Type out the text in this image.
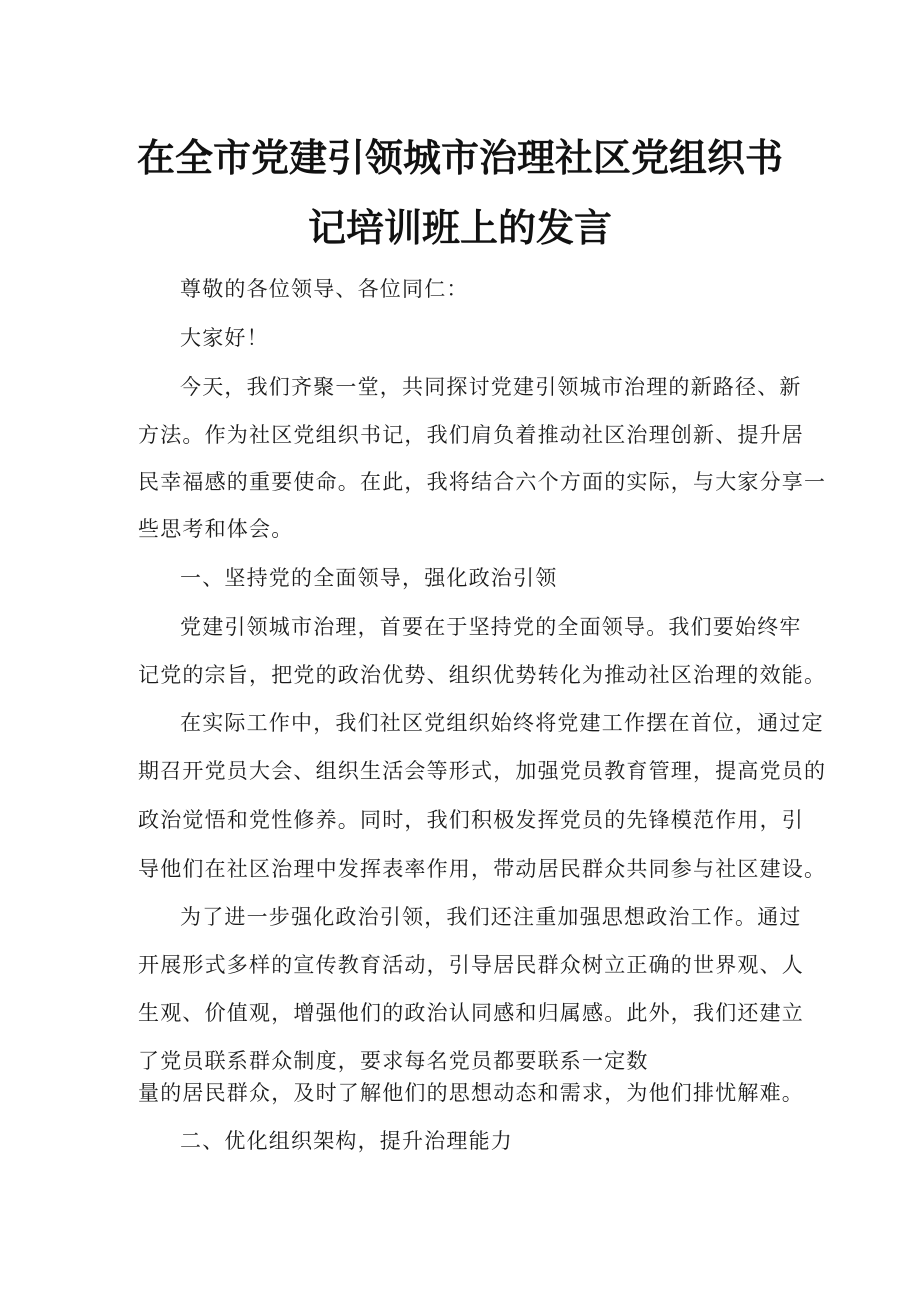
在全市党建引领城市治理社区党组织书
记培训班上的发言

尊敬的各位领导、各位同仁：

大家好！

今天，我们齐聚一堂，共同探讨党建引领城市治理的新路径、新

方法。作为社区党组织书记，我们肩负着推动社区治理创新、提升居

民幸福感的重要使命。在此，我将结合六个方面的实际，与大家分享一

些思考和体会。

一、坚持党的全面领导，强化政治引领

党建引领城市治理，首要在于坚持党的全面领导。我们要始终牢

记党的宗旨，把党的政治优势、组织优势转化为推动社区治理的效能。

在实际工作中，我们社区党组织始终将党建工作摆在首位，通过定

期召开党员大会、组织生活会等形式，加强党员教育管理，提高党员的

政治觉悟和党性修养。同时，我们积极发挥党员的先锋模范作用，引

导他们在社区治理中发挥表率作用，带动居民群众共同参与社区建设。

为了进一步强化政治引领，我们还注重加强思想政治工作。通过

开展形式多样的宣传教育活动，引导居民群众树立正确的世界观、人

生观、价值观，增强他们的政治认同感和归属感。此外，我们还建立

了党员联系群众制度，要求每名党员都要联系一定数

量的居民群众，及时了解他们的思想动态和需求，为他们排忧解难。

二、优化组织架构，提升治理能力
